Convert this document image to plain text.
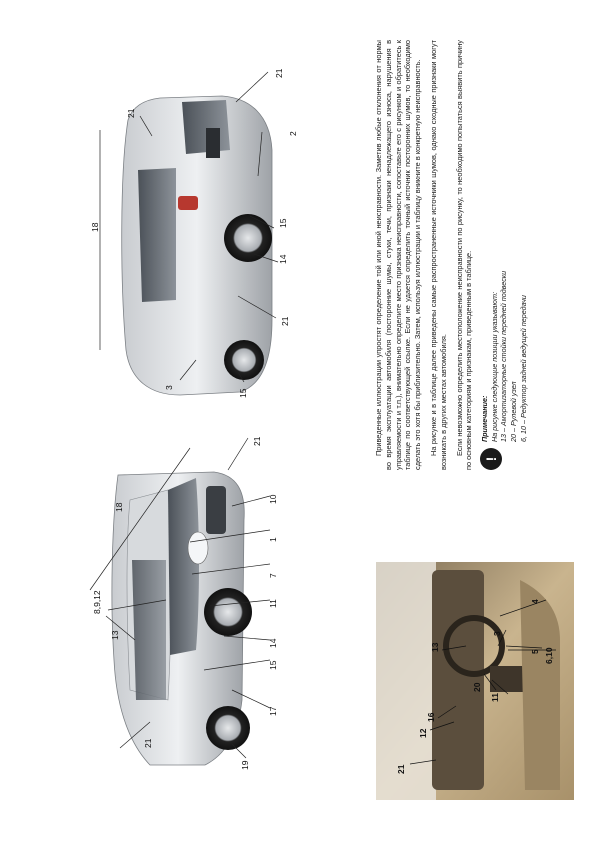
21
8,9,12
13
21
18
10
1
7
11
14
15
17
19
21
21
2
18	15
14
21
3
15
21
12
16
20
11
13
3
4
5 6,10

Приведенные иллюстрации упростят определение той или иной неисправности. Заметив любые отклонения от нормы во время эксплуатации автомобиля (посторонние шумы, стуки, течи, признаки ненадлежащего износа, нарушения в управляемости и т.п.), внимательно определите место признака неисправности, сопоставьте его с рисунком и обратитесь к таблице по соответствующей ссылке. Если не удается определить точный источник посторонних шумов, то необходимо сделать это хотя бы приблизительно. Затем, используя иллюстрации и таблицу вникните в конкретную неисправность. На рисунке и в таблице далее приведены самые распространенные источники шумов, однако сходные признаки могут возникать в других местах автомобиля. Если невозможно определить местоположение неисправности по рисунку, то необходимо попытаться выявить причину по основным категориям и признакам, приведенным в таблице. !
Примечание: На рисунке следующие позиции указывают: 13 – Амортизаторные стойки передней подвески 20 – Рулевой узел 6, 10 – Редуктор задней ведущей передачи
